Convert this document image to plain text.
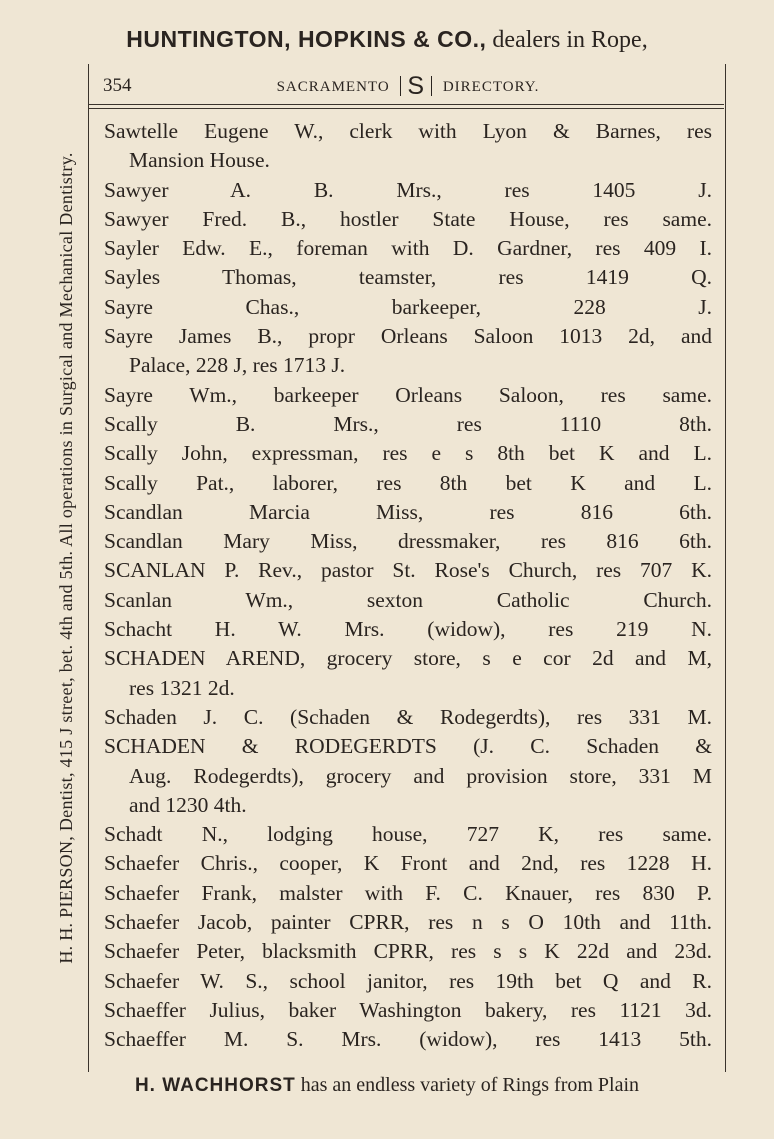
HUNTINGTON, HOPKINS & CO., dealers in Rope,
H. H. PIERSON, Dentist, 415 J street, bet. 4th and 5th. All operations in Surgical and Mechanical Dentistry.
354	SACRAMENTO S DIRECTORY.
Sawtelle Eugene W., clerk with Lyon & Barnes, res
Mansion House.
Sawyer A. B. Mrs., res 1405 J.
Sawyer Fred. B., hostler State House, res same.
Sayler Edw. E., foreman with D. Gardner, res 409 I.
Sayles Thomas, teamster, res 1419 Q.
Sayre Chas., barkeeper, 228 J.
Sayre James B., propr Orleans Saloon 1013 2d, and
Palace, 228 J, res 1713 J.
Sayre Wm., barkeeper Orleans Saloon, res same.
Scally B. Mrs., res 1110 8th.
Scally John, expressman, res e s 8th bet K and L.
Scally Pat., laborer, res 8th bet K and L.
Scandlan Marcia Miss, res 816 6th.
Scandlan Mary Miss, dressmaker, res 816 6th.
SCANLAN P. Rev., pastor St. Rose's Church, res 707 K.
Scanlan Wm., sexton Catholic Church.
Schacht H. W. Mrs. (widow), res 219 N.
SCHADEN AREND, grocery store, s e cor 2d and M,
res 1321 2d.
Schaden J. C. (Schaden & Rodegerdts), res 331 M.
SCHADEN & RODEGERDTS (J. C. Schaden &
Aug. Rodegerdts), grocery and provision store, 331 M
and 1230 4th.
Schadt N., lodging house, 727 K, res same.
Schaefer Chris., cooper, K Front and 2nd, res 1228 H.
Schaefer Frank, malster with F. C. Knauer, res 830 P.
Schaefer Jacob, painter CPRR, res n s O 10th and 11th.
Schaefer Peter, blacksmith CPRR, res s s K 22d and 23d.
Schaefer W. S., school janitor, res 19th bet Q and R.
Schaeffer Julius, baker Washington bakery, res 1121 3d.
Schaeffer M. S. Mrs. (widow), res 1413 5th.
H. WACHHORST has an endless variety of Rings from Plain
